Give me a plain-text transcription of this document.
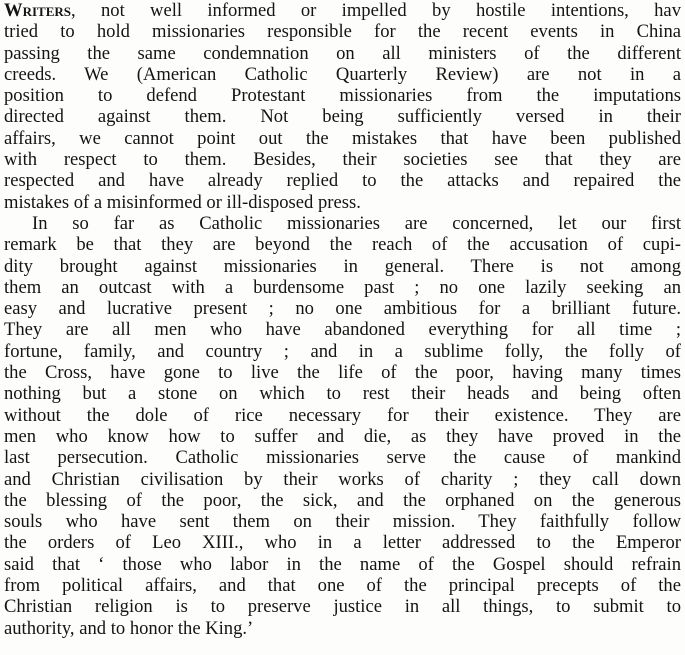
Writers, not well informed or impelled by hostile intentions, hav
tried to hold missionaries responsible for the recent events in China
passing the same condemnation on all ministers of the different
creeds. We (American Catholic Quarterly Review) are not in a
position to defend Protestant missionaries from the imputations
directed against them. Not being sufficiently versed in their
affairs, we cannot point out the mistakes that have been published
with respect to them. Besides, their societies see that they are
respected and have already replied to the attacks and repaired the
mistakes of a misinformed or ill-disposed press.
In so far as Catholic missionaries are concerned, let our first
remark be that they are beyond the reach of the accusation of cupi-
dity brought against missionaries in general. There is not among
them an outcast with a burdensome past ; no one lazily seeking an
easy and lucrative present ; no one ambitious for a brilliant future.
They are all men who have abandoned everything for all time ;
fortune, family, and country ; and in a sublime folly, the folly of
the Cross, have gone to live the life of the poor, having many times
nothing but a stone on which to rest their heads and being often
without the dole of rice necessary for their existence. They are
men who know how to suffer and die, as they have proved in the
last persecution. Catholic missionaries serve the cause of mankind
and Christian civilisation by their works of charity ; they call down
the blessing of the poor, the sick, and the orphaned on the generous
souls who have sent them on their mission. They faithfully follow
the orders of Leo XIII., who in a letter addressed to the Emperor
said that ‘ those who labor in the name of the Gospel should refrain
from political affairs, and that one of the principal precepts of the
Christian religion is to preserve justice in all things, to submit to
authority, and to honor the King.’
